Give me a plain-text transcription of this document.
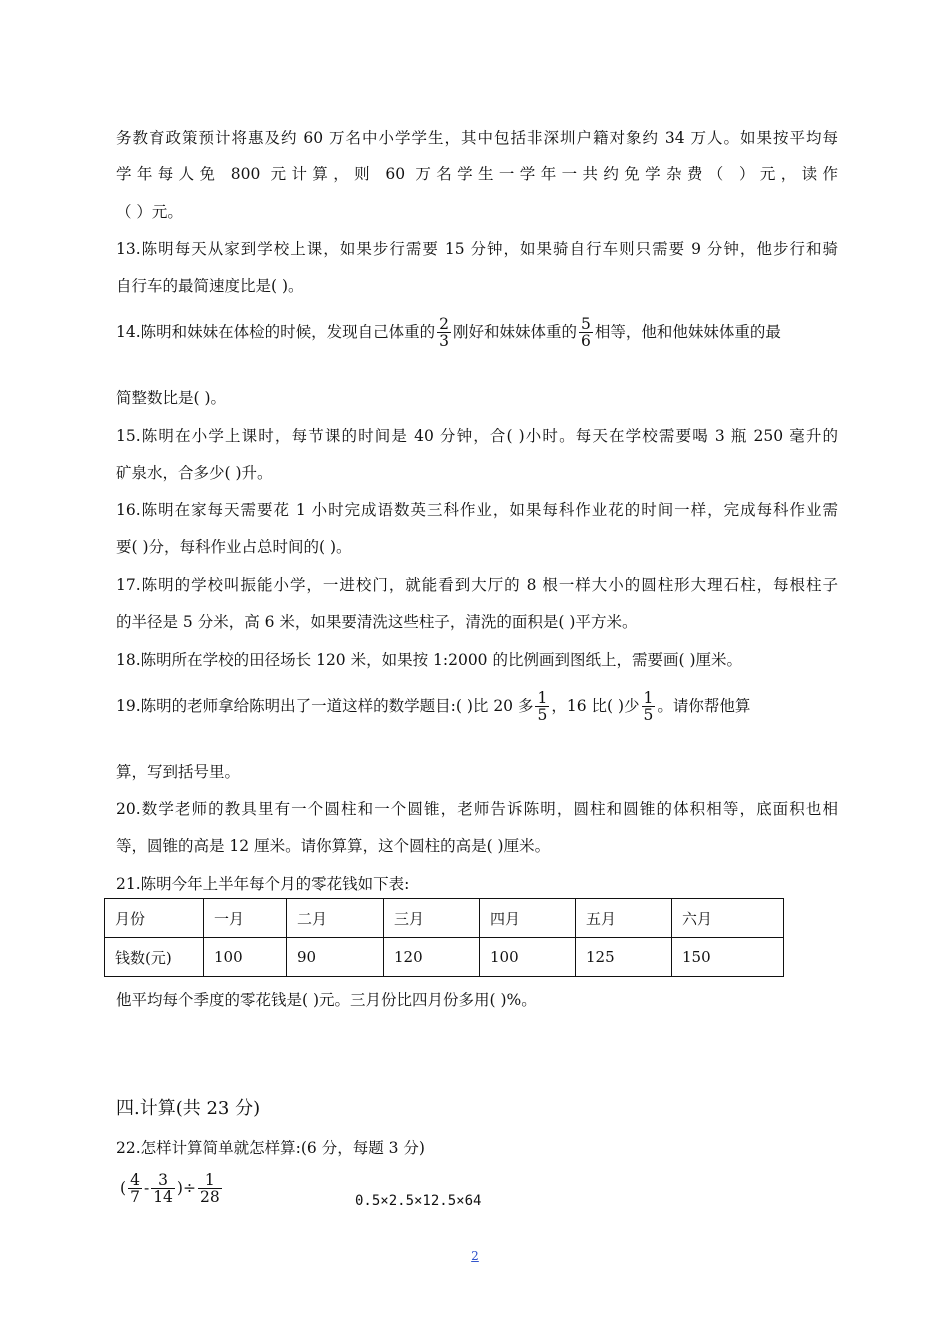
务教育政策预计将惠及约 60 万名中小学学生，其中包括非深圳户籍对象约 34 万人。如果按平均每
学年每人免 800 元计算，则 60 万名学生一学年一共约免学杂费（ ）元，读作
（ ）元。
13.陈明每天从家到学校上课，如果步行需要 15 分钟，如果骑自行车则只需要 9 分钟，他步行和骑
自行车的最简速度比是( )。
14.陈明和妹妹在体检的时候，发现自己体重的 $\frac{2}{3}$ 刚好和妹妹体重的 $\frac{5}{6}$ 相等，他和他妹妹体重的最
简整数比是( )。
15.陈明在小学上课时，每节课的时间是 40 分钟，合( )小时。每天在学校需要喝 3 瓶 250 毫升的
矿泉水，合多少( )升。
16.陈明在家每天需要花 1 小时完成语数英三科作业，如果每科作业花的时间一样，完成每科作业需
要( )分，每科作业占总时间的( )。
17.陈明的学校叫振能小学，一进校门，就能看到大厅的 8 根一样大小的圆柱形大理石柱，每根柱子
的半径是 5 分米，高 6 米，如果要清洗这些柱子，清洗的面积是( )平方米。
18.陈明所在学校的田径场长 120 米，如果按 1:2000 的比例画到图纸上，需要画( )厘米。
19.陈明的老师拿给陈明出了一道这样的数学题目:( )比 20 多 $\frac{1}{5}$ ，16 比( )少 $\frac{1}{5}$ 。请你帮他算
算，写到括号里。
20.数学老师的教具里有一个圆柱和一个圆锥，老师告诉陈明，圆柱和圆锥的体积相等，底面积也相
等，圆锥的高是 12 厘米。请你算算，这个圆柱的高是( )厘米。
21.陈明今年上半年每个月的零花钱如下表:
月份	一月	二月	三月	四月	五月	六月
钱数(元)	100	90	120	100	125	150
他平均每个季度的零花钱是( )元。三月份比四月份多用( )%。
四.计算(共 23 分)
22.怎样计算简单就怎样算:(6 分，每题 3 分)
( $\frac{4}{7} - \frac{3}{14}$ )÷ $\frac{1}{28}$	0.5×2.5×12.5×64
2
